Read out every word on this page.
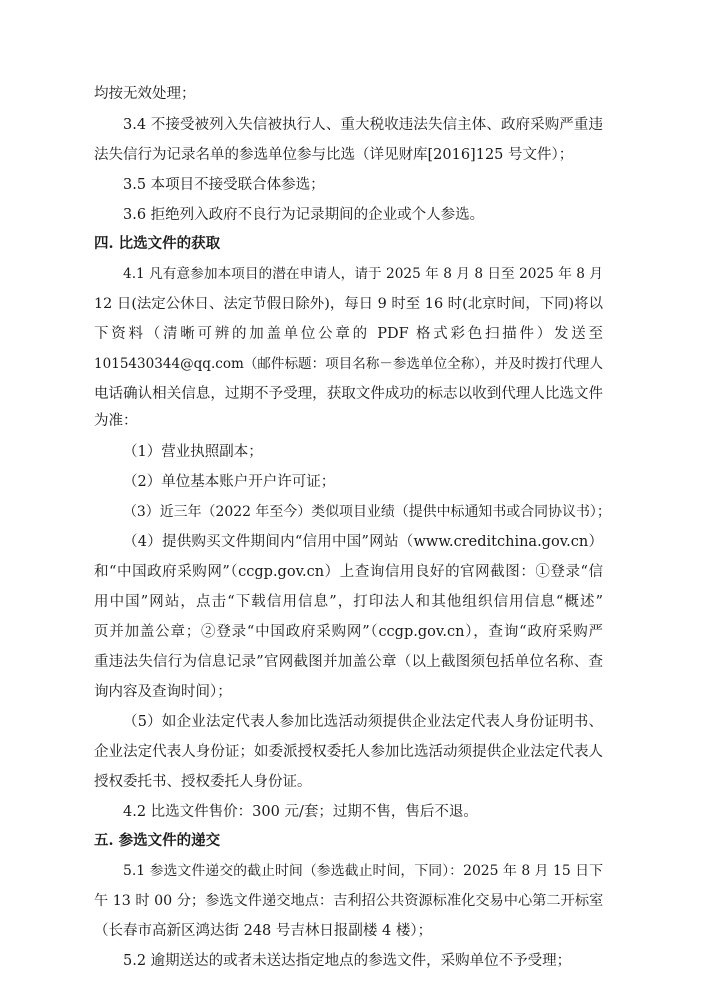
均按无效处理；
3.4 不接受被列入失信被执行人、重大税收违法失信主体、政府采购严重违
法失信行为记录名单的参选单位参与比选（详见财库[2016]125 号文件）；
3.5 本项目不接受联合体参选；
3.6 拒绝列入政府不良行为记录期间的企业或个人参选。
四. 比选文件的获取
4.1 凡有意参加本项目的潜在申请人，请于 2025 年 8 月 8 日至 2025 年 8 月
12 日(法定公休日、法定节假日除外)，每日 9 时至 16 时(北京时间，下同)将以
下资料（清晰可辨的加盖单位公章的 PDF 格式彩色扫描件）发送至
1015430344@qq.com（邮件标题：项目名称－参选单位全称），并及时拨打代理人
电话确认相关信息，过期不予受理，获取文件成功的标志以收到代理人比选文件
为准：
（1）营业执照副本；
（2）单位基本账户开户许可证；
（3）近三年（2022 年至今）类似项目业绩（提供中标通知书或合同协议书）；
（4）提供购买文件期间内“信用中国”网站（www.creditchina.gov.cn）
和“中国政府采购网”（ccgp.gov.cn）上查询信用良好的官网截图：①登录“信
用中国”网站，点击“下载信用信息”，打印法人和其他组织信用信息“概述”
页并加盖公章；②登录“中国政府采购网”（ccgp.gov.cn），查询“政府采购严
重违法失信行为信息记录”官网截图并加盖公章（以上截图须包括单位名称、查
询内容及查询时间）；
（5）如企业法定代表人参加比选活动须提供企业法定代表人身份证明书、
企业法定代表人身份证；如委派授权委托人参加比选活动须提供企业法定代表人
授权委托书、授权委托人身份证。
4.2 比选文件售价：300 元/套；过期不售，售后不退。
五. 参选文件的递交
5.1 参选文件递交的截止时间（参选截止时间，下同）：2025 年 8 月 15 日下
午 13 时 00 分；参选文件递交地点：吉利招公共资源标准化交易中心第二开标室
（长春市高新区鸿达街 248 号吉林日报副楼 4 楼）；
5.2 逾期送达的或者未送达指定地点的参选文件，采购单位不予受理；
